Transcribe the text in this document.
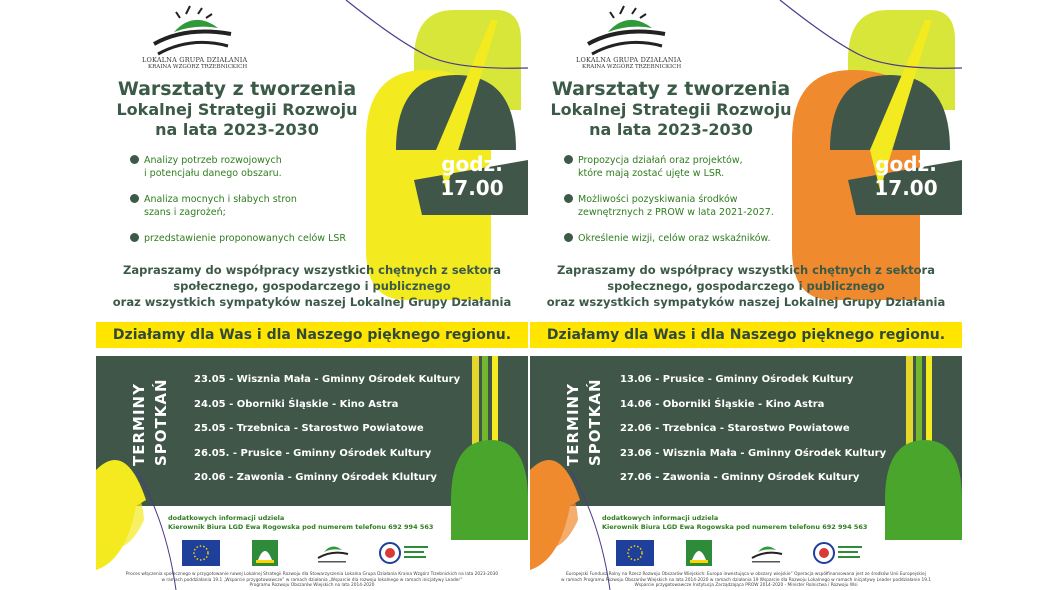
LOKALNA GRUPA DZIAŁANIA
KRAINA WZGÓRZ TRZEBNICKICH
Warsztaty z tworzenia
Lokalnej Strategii Rozwoju
na lata 2023-2030
Analizy potrzeb rozwojowych
i potencjału danego obszaru.
Analiza mocnych i słabych stron
szans i zagrożeń;
przedstawienie proponowanych celów LSR
godz.
17.00
Zapraszamy do współpracy wszystkich chętnych z sektora
społecznego, gospodarczego i publicznego
oraz wszystkich sympatyków naszej Lokalnej Grupy Działania
Działamy dla Was i dla Naszego pięknego regionu.
TERMINY SPOTKAŃ 23.05 - Wisznia Mała - Gminny Ośrodek Kultury
24.05 - Oborniki Śląskie - Kino Astra
25.05 - Trzebnica - Starostwo Powiatowe
26.05. - Prusice - Gminny Ośrodek Kultury
20.06 - Zawonia - Gminny Ośrodek Klultury
dodatkowych informacji udziela
Kierownik Biura LGD Ewa Rogowska pod numerem telefonu 692 994 563
Proces włączenia społecznego w przygotowanie nowej Lokalnej Strategii Rozwoju dla Stowarzyszenia Lokalna Grupa Działania Kraina Wzgórz Trzebnickich na lata 2023-2030
w ramach poddziałania 19.1 „Wsparcie przygotowawcze” w ramach działania „Wsparcie dla rozwoju lokalnego w ramach inicjatywy Leader”
Programu Rozwoju Obszarów Wiejskich na lata 2014-2020
LOKALNA GRUPA DZIAŁANIA
KRAINA WZGÓRZ TRZEBNICKICH
Warsztaty z tworzenia
Lokalnej Strategii Rozwoju
na lata 2023-2030
Propozycja działań oraz projektów,
które mają zostać ujęte w LSR.
Możliwości pozyskiwania środków
zewnętrznych z PROW w lata 2021-2027.
Określenie wizji, celów oraz wskaźników.
godz.
17.00
Zapraszamy do współpracy wszystkich chętnych z sektora
społecznego, gospodarczego i publicznego
oraz wszystkich sympatyków naszej Lokalnej Grupy Działania
Działamy dla Was i dla Naszego pięknego regionu.
TERMINY SPOTKAŃ 13.06 - Prusice - Gminny Ośrodek Kultury
14.06 - Oborniki Śląskie - Kino Astra
22.06 - Trzebnica - Starostwo Powiatowe
23.06 - Wisznia Mała - Gminny Ośrodek Kultury
27.06 - Zawonia - Gminny Ośrodek Kultury
dodatkowych informacji udziela
Kierownik Biura LGD Ewa Rogowska pod numerem telefonu 692 994 563
Europejski Fundusz Rolny na Rzecz Rozwoju Obszarów Wiejskich: Europa inwestująca w obszary wiejskie” Operacja współfinansowana jest ze środków Unii Europejskiej
w ramach Programu Rozwoju Obszarów Wiejskich na lata 2014-2020 w ramach działania 19 Wsparcie dla Rozwoju Lokalnego w ramach inicjatywy Leader poddziałanie 19.1
Wsparcie przygotowawcze Instytucja Zarządzająca PROW 2014-2020 - Minister Rolnictwa i Rozwoju Wsi
